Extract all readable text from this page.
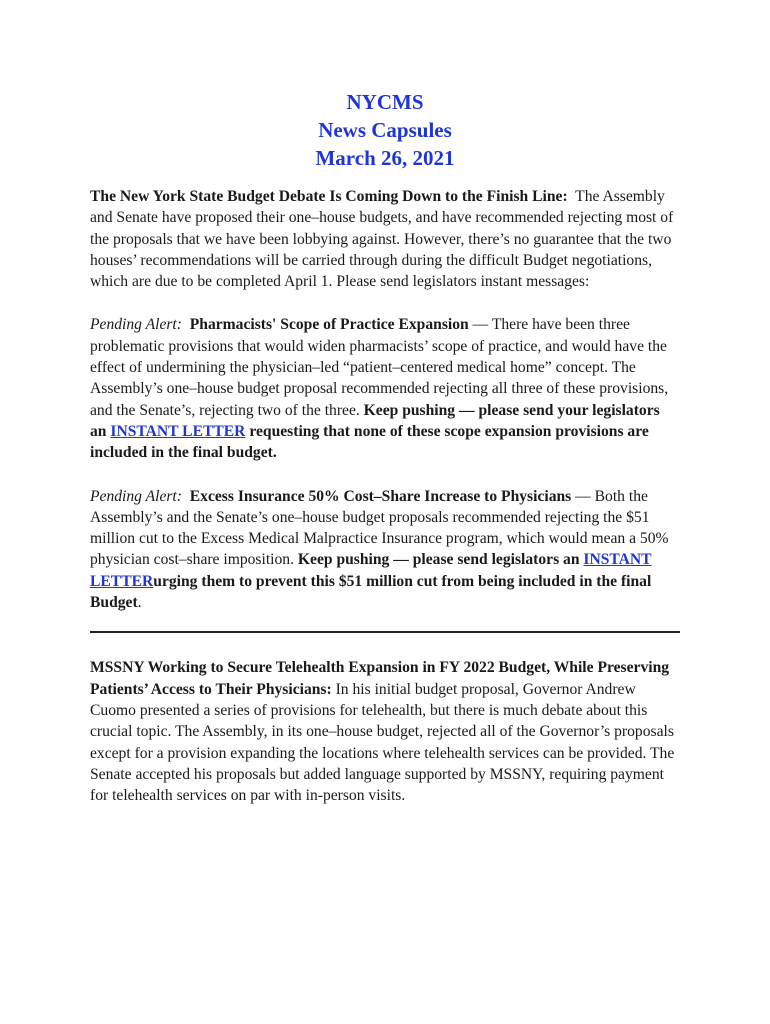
NYCMS
News Capsules
March 26, 2021

The New York State Budget Debate Is Coming Down to the Finish Line: The Assembly and Senate have proposed their one–house budgets, and have recommended rejecting most of the proposals that we have been lobbying against. However, there’s no guarantee that the two houses’ recommendations will be carried through during the difficult Budget negotiations, which are due to be completed April 1. Please send legislators instant messages:

Pending Alert: Pharmacists' Scope of Practice Expansion — There have been three problematic provisions that would widen pharmacists’ scope of practice, and would have the effect of undermining the physician–led “patient–centered medical home” concept. The Assembly’s one–house budget proposal recommended rejecting all three of these provisions, and the Senate’s, rejecting two of the three. Keep pushing — please send your legislators an INSTANT LETTER requesting that none of these scope expansion provisions are included in the final budget.

Pending Alert: Excess Insurance 50% Cost–Share Increase to Physicians — Both the Assembly’s and the Senate’s one–house budget proposals recommended rejecting the $51 million cut to the Excess Medical Malpractice Insurance program, which would mean a 50% physician cost–share imposition. Keep pushing — please send legislators an INSTANT LETTERurging them to prevent this $51 million cut from being included in the final Budget.

MSSNY Working to Secure Telehealth Expansion in FY 2022 Budget, While Preserving Patients’ Access to Their Physicians: In his initial budget proposal, Governor Andrew Cuomo presented a series of provisions for telehealth, but there is much debate about this crucial topic. The Assembly, in its one–house budget, rejected all of the Governor’s proposals except for a provision expanding the locations where telehealth services can be provided. The Senate accepted his proposals but added language supported by MSSNY, requiring payment for telehealth services on par with in-person visits.
